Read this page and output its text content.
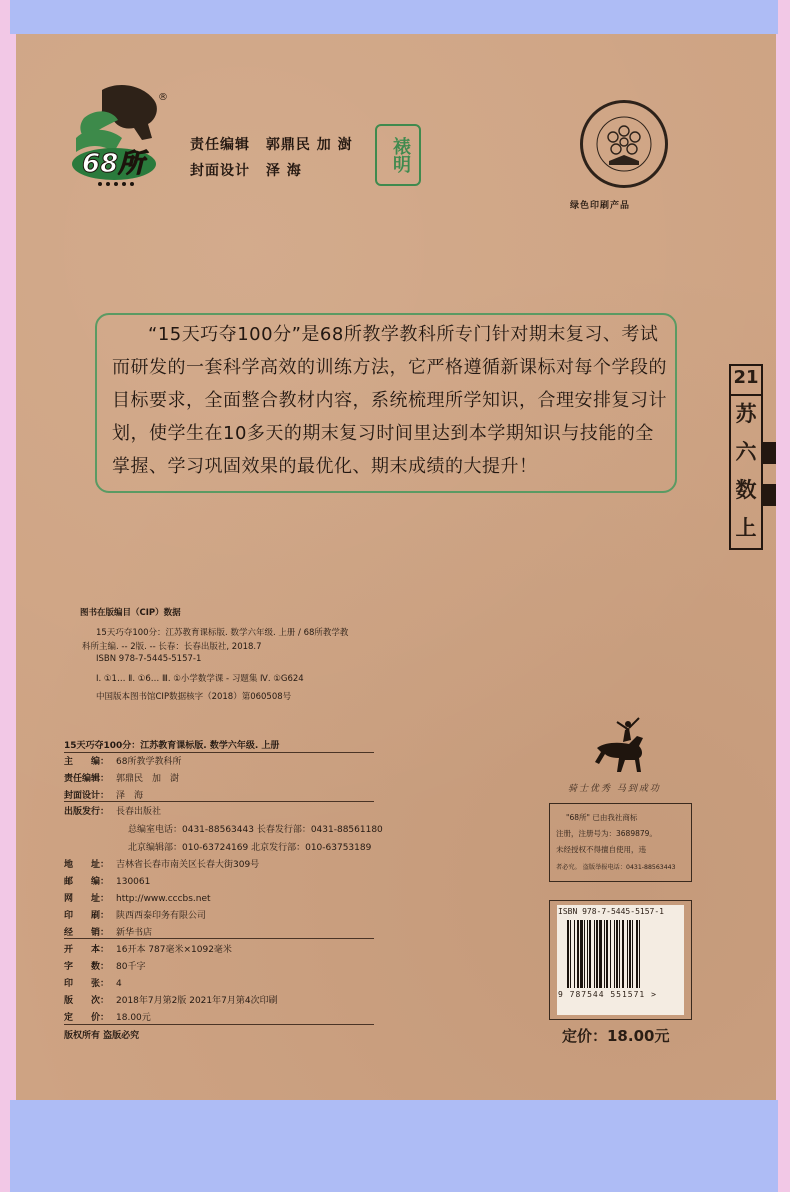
68所
®
责任编辑 郭鼎民 加 澍
封面设计 泽 海	裱明
绿色印刷产品
“15天巧夺100分”是68所教学教科所专门针对期末复习、考试而研发的一套科学高效的训练方法，它严格遵循新课标对每个学段的目标要求，全面整合教材内容，系统梳理所学知识，合理安排复习计划，使学生在10多天的期末复习时间里达到本学期知识与技能的全掌握、学习巩固效果的最优化、期末成绩的大提升！
21
苏
六
数
上
图书在版编目（CIP）数据
15天巧夺100分：江苏教育课标版. 数学六年级. 上册 / 68所教学教
科所主编. -- 2版. -- 长春：长春出版社, 2018.7
ISBN 978-7-5445-5157-1
Ⅰ. ①1… Ⅱ. ①6… Ⅲ. ①小学数学课 - 习题集 Ⅳ. ①G624
中国版本图书馆CIP数据核字（2018）第060508号
15天巧夺100分：江苏教育课标版. 数学六年级. 上册
主　　编： 68所教学教科所
责任编辑： 郭鼎民　加　澍
封面设计： 泽　海
出版发行： 長春出版社
总编室电话：0431-88563443 长春发行部：0431-88561180
北京编辑部：010-63724169 北京发行部：010-63753189
地　　址： 吉林省长春市南关区长春大街309号
邮　　编： 130061
网　　址： http://www.cccbs.net
印　　刷： 陕西西泰印务有限公司
经　　销： 新华书店
开　　本： 16开本 787毫米×1092毫米
字　　数： 80千字
印　　张： 4
版　　次： 2018年7月第2版 2021年7月第4次印刷
定　　价： 18.00元
版权所有 盗版必究
骑士优秀 马到成功
"68所" 已由我社商标
注册，注册号为：3689879。
未经授权不得擅自使用，违
者必究。 盗版举报电话：0431-88563443
ISBN 978-7-5445-5157-1
9 787544 551571 >
定价：18.00元
